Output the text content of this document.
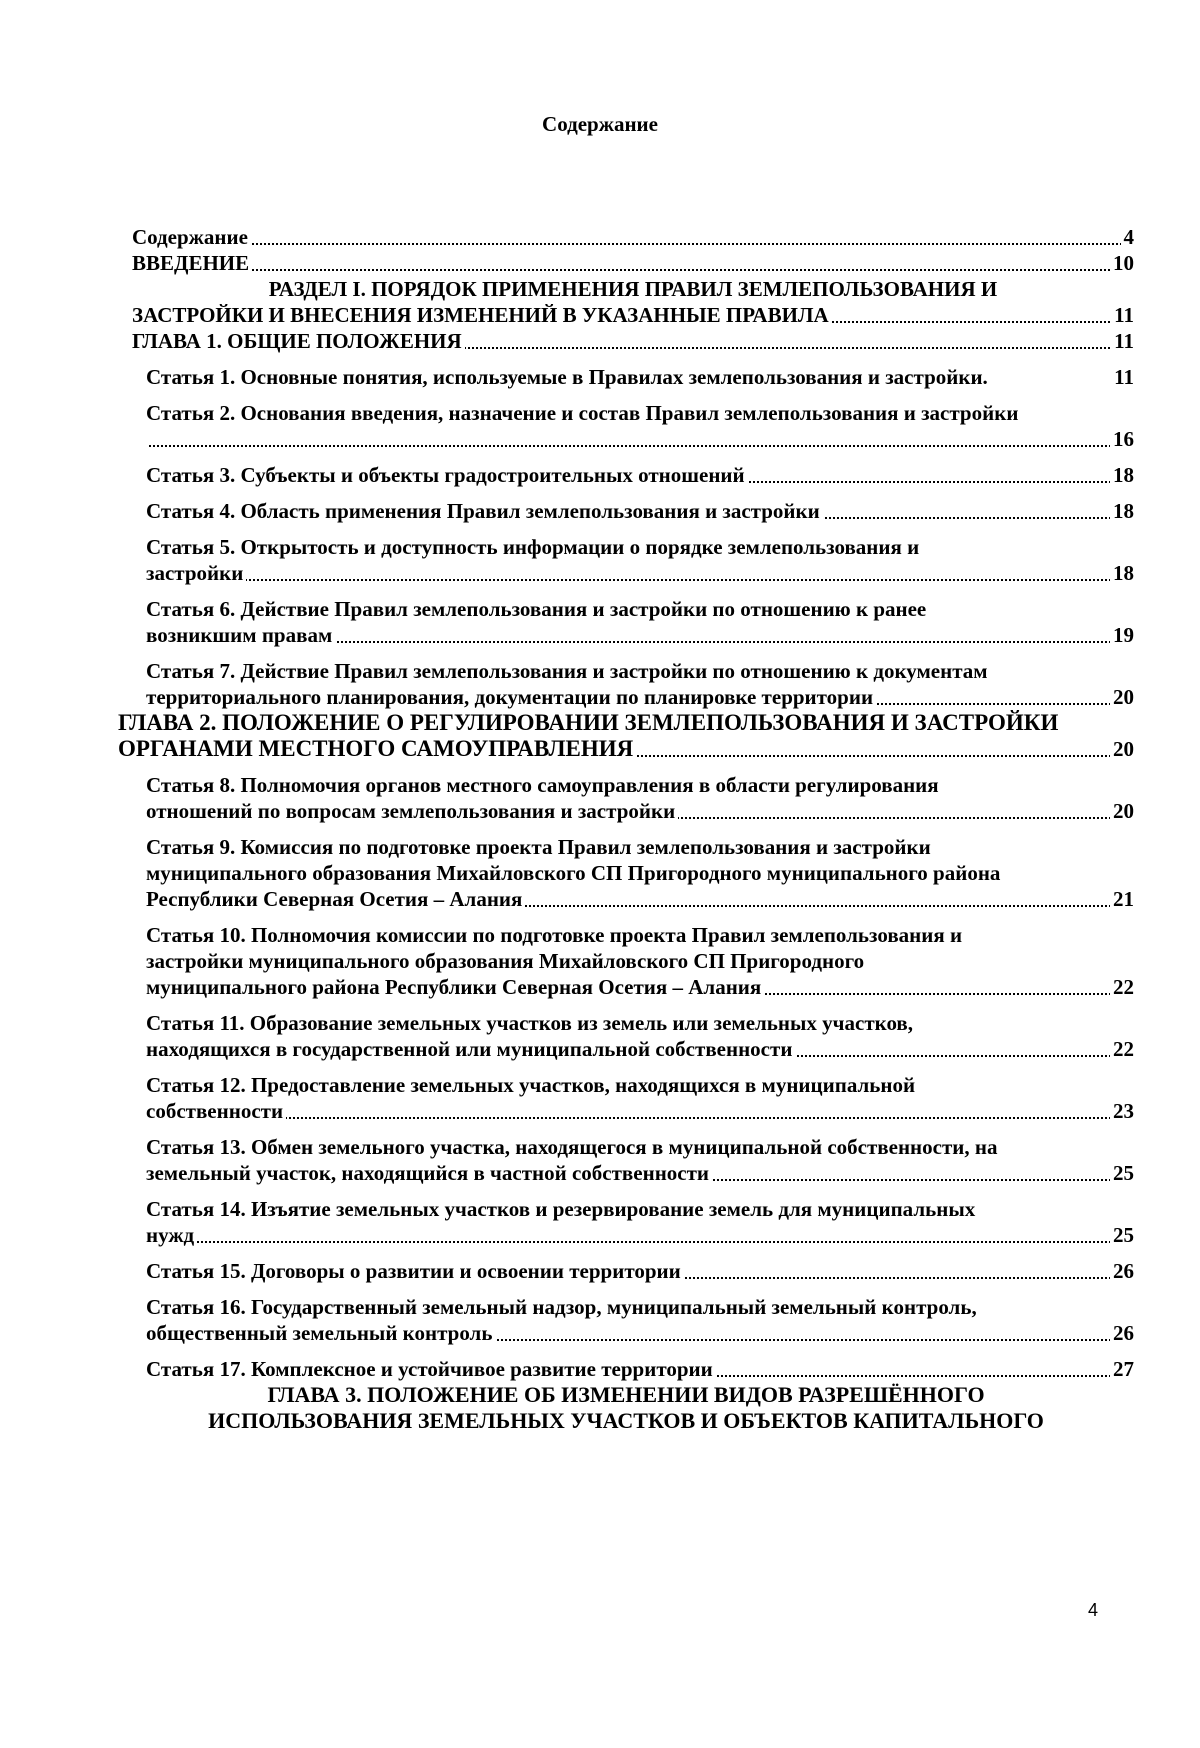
Содержание
Содержание	4
ВВЕДЕНИЕ	10
РАЗДЕЛ I. ПОРЯДОК ПРИМЕНЕНИЯ ПРАВИЛ ЗЕМЛЕПОЛЬЗОВАНИЯ И
ЗАСТРОЙКИ И ВНЕСЕНИЯ ИЗМЕНЕНИЙ В УКАЗАННЫЕ ПРАВИЛА	11
ГЛАВА 1. ОБЩИЕ ПОЛОЖЕНИЯ	11
Статья 1. Основные понятия, используемые в Правилах землепользования и застройки.	11
Статья 2. Основания введения, назначение и состав Правил землепользования и застройки
16
Статья 3. Субъекты и объекты градостроительных отношений	18
Статья 4. Область применения Правил землепользования и застройки	18
Статья 5. Открытость и доступность информации о порядке землепользования и
застройки	18
Статья 6. Действие Правил землепользования и застройки по отношению к ранее
возникшим правам	19
Статья 7. Действие Правил землепользования и застройки по отношению к документам
территориального планирования, документации по планировке территории	20
ГЛАВА 2. ПОЛОЖЕНИЕ О РЕГУЛИРОВАНИИ ЗЕМЛЕПОЛЬЗОВАНИЯ И ЗАСТРОЙКИ
ОРГАНАМИ МЕСТНОГО САМОУПРАВЛЕНИЯ	20
Статья 8. Полномочия органов местного самоуправления в области регулирования
отношений по вопросам землепользования и застройки	20
Статья 9. Комиссия по подготовке проекта Правил землепользования и застройки
муниципального образования Михайловского СП Пригородного муниципального района
Республики Северная Осетия – Алания	21
Статья 10. Полномочия комиссии по подготовке проекта Правил землепользования и
застройки муниципального образования Михайловского СП Пригородного
муниципального района Республики Северная Осетия – Алания	22
Статья 11. Образование земельных участков из земель или земельных участков,
находящихся в государственной или муниципальной собственности	22
Статья 12. Предоставление земельных участков, находящихся в муниципальной
собственности	23
Статья 13. Обмен земельного участка, находящегося в муниципальной собственности, на
земельный участок, находящийся в частной собственности	25
Статья 14. Изъятие земельных участков и резервирование земель для муниципальных
нужд	25
Статья 15. Договоры о развитии и освоении территории	26
Статья 16. Государственный земельный надзор, муниципальный земельный контроль,
общественный земельный контроль	26
Статья 17. Комплексное и устойчивое развитие территории	27
ГЛАВА 3. ПОЛОЖЕНИЕ ОБ ИЗМЕНЕНИИ ВИДОВ РАЗРЕШЁННОГО
ИСПОЛЬЗОВАНИЯ ЗЕМЕЛЬНЫХ УЧАСТКОВ И ОБЪЕКТОВ КАПИТАЛЬНОГО
4
